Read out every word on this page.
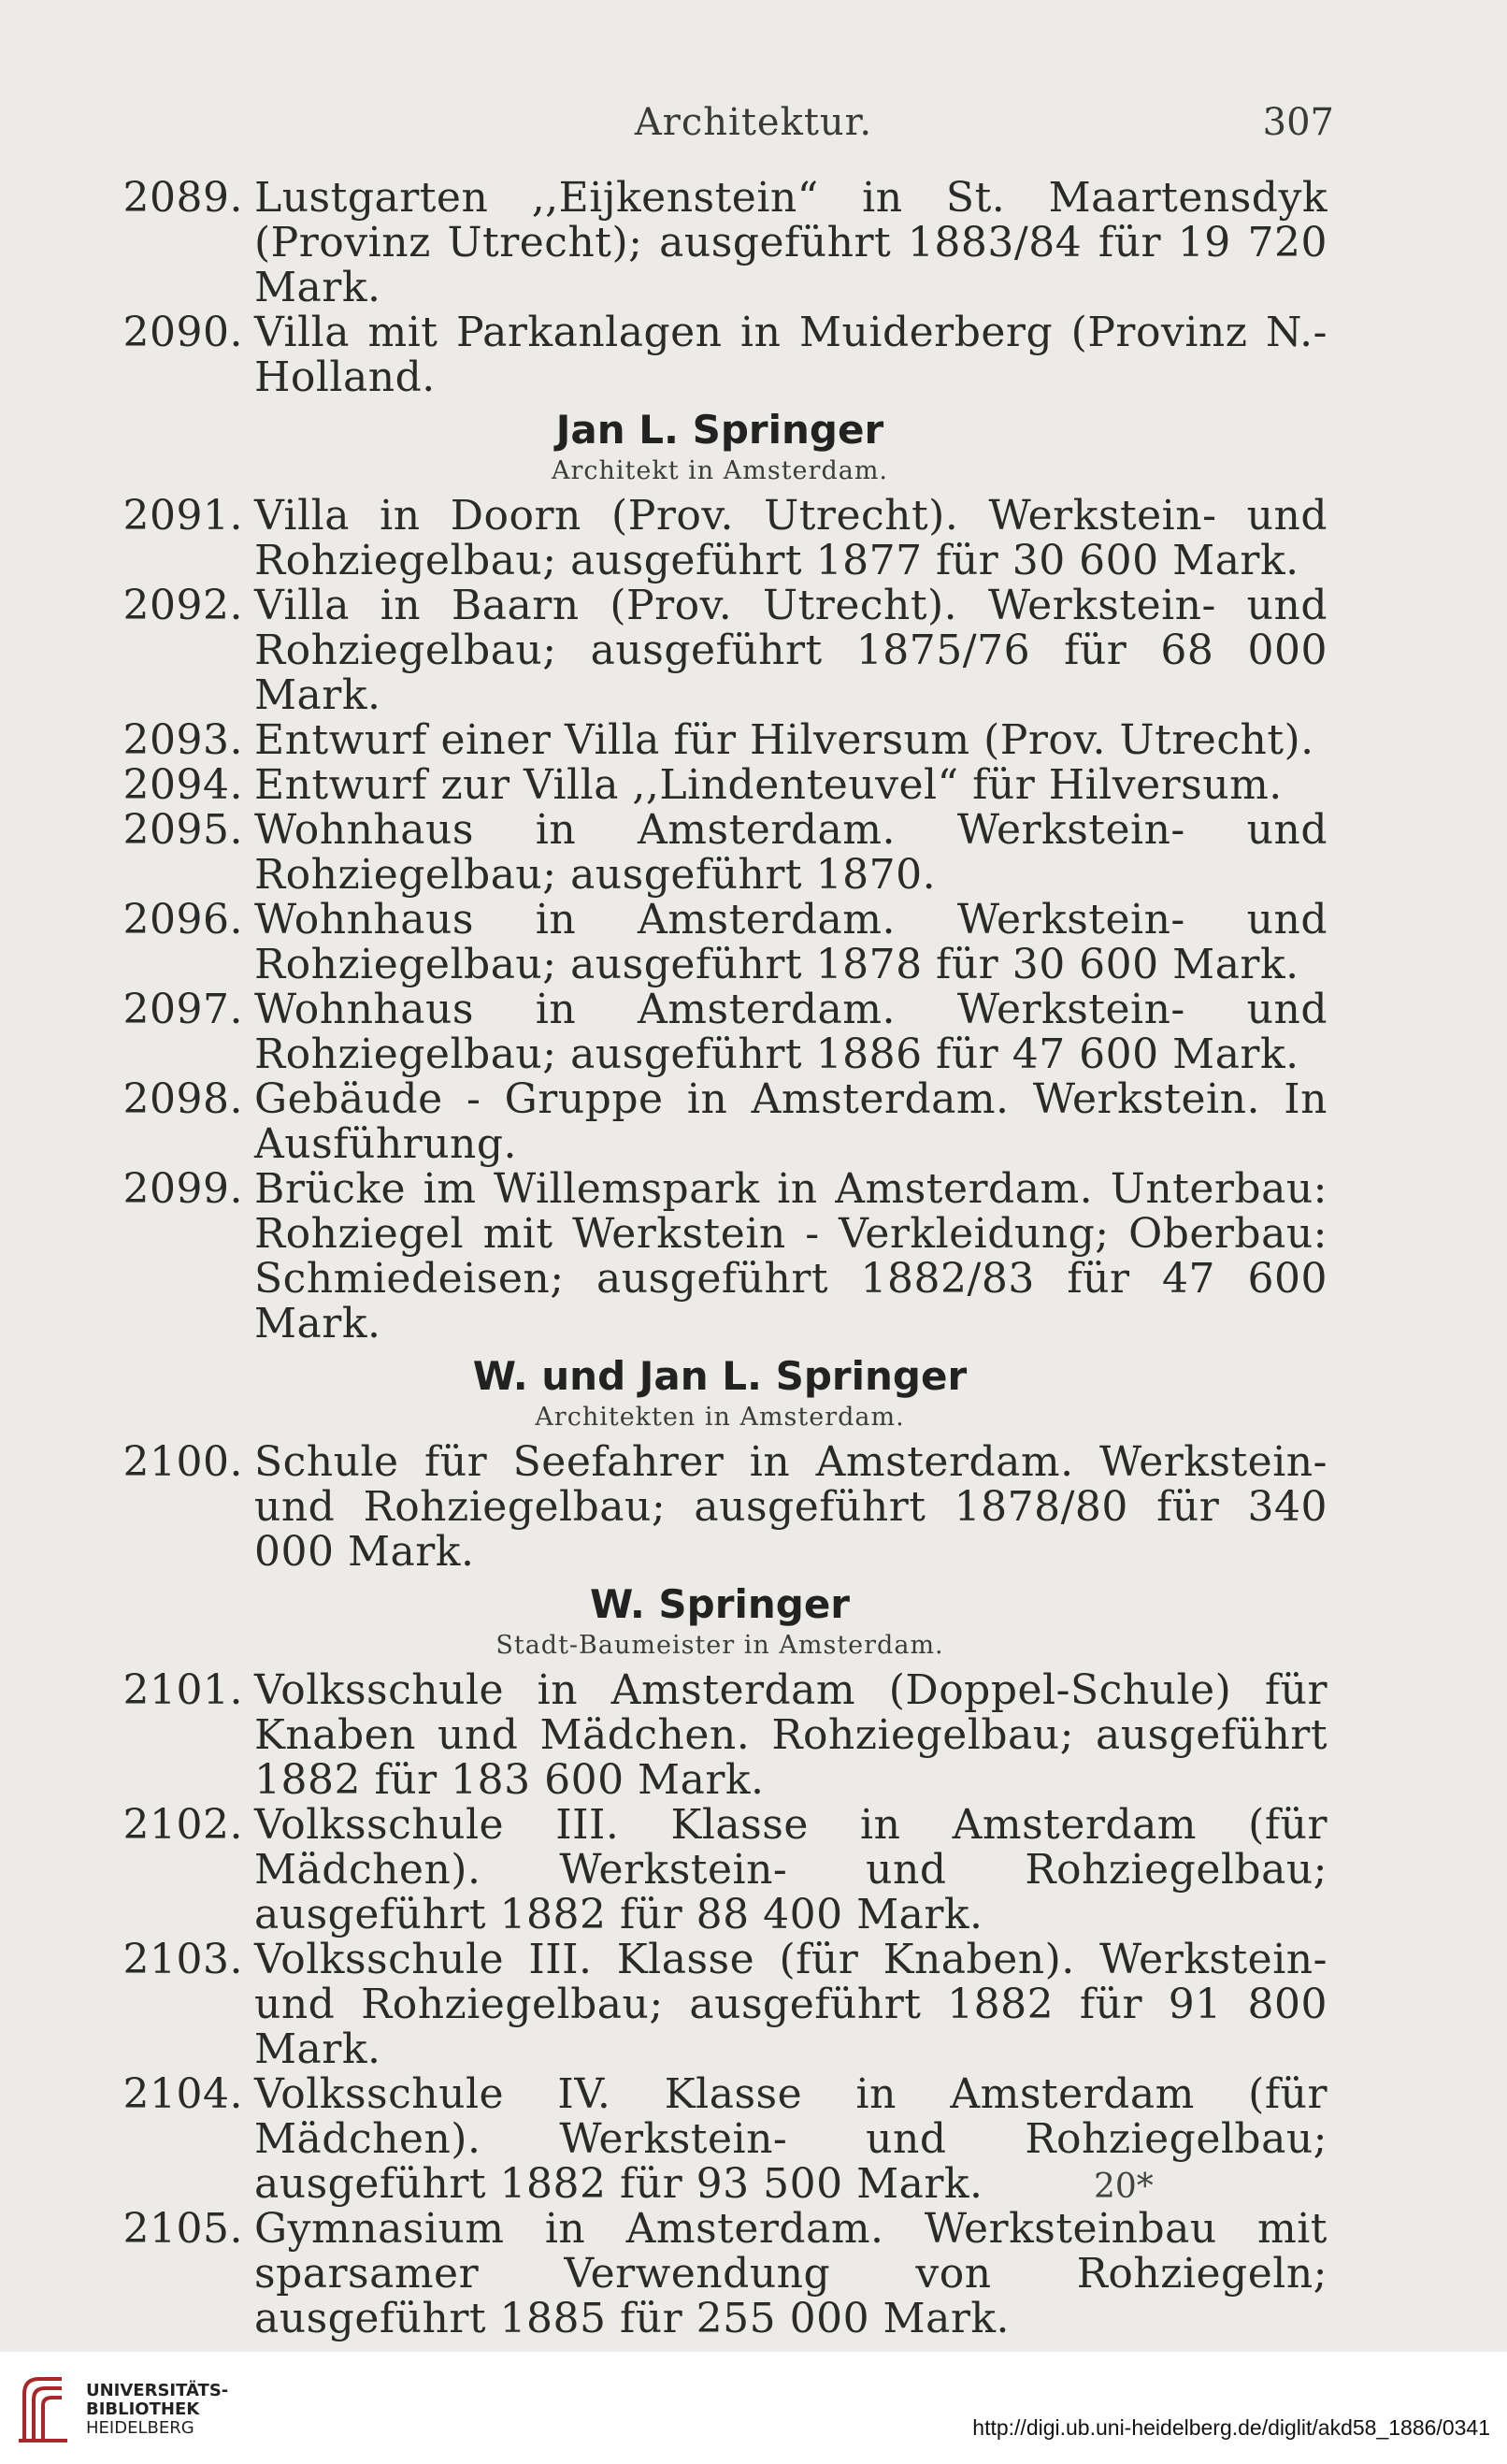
Architektur.	307
2089. Lustgarten ,,Eijkenstein“ in St. Maartensdyk (Provinz Utrecht); ausgeführt 1883/84 für 19 720 Mark.
2090. Villa mit Parkanlagen in Muiderberg (Provinz N.-Holland.
Jan L. Springer
Architekt in Amsterdam.
2091. Villa in Doorn (Prov. Utrecht). Werkstein- und Rohziegelbau; ausgeführt 1877 für 30 600 Mark.
2092. Villa in Baarn (Prov. Utrecht). Werkstein- und Rohziegelbau; ausgeführt 1875/76 für 68 000 Mark.
2093. Entwurf einer Villa für Hilversum (Prov. Utrecht).
2094. Entwurf zur Villa ,,Lindenteuvel“ für Hilversum.
2095. Wohnhaus in Amsterdam. Werkstein- und Rohziegelbau; ausgeführt 1870.
2096. Wohnhaus in Amsterdam. Werkstein- und Rohziegelbau; ausgeführt 1878 für 30 600 Mark.
2097. Wohnhaus in Amsterdam. Werkstein- und Rohziegelbau; ausgeführt 1886 für 47 600 Mark.
2098. Gebäude - Gruppe in Amsterdam. Werkstein. In Ausführung.
2099. Brücke im Willemspark in Amsterdam. Unterbau: Rohziegel mit Werkstein - Verkleidung; Oberbau: Schmiedeisen; ausgeführt 1882/83 für 47 600 Mark.
W. und Jan L. Springer
Architekten in Amsterdam.
2100. Schule für Seefahrer in Amsterdam. Werkstein- und Rohziegelbau; ausgeführt 1878/80 für 340 000 Mark.
W. Springer
Stadt-Baumeister in Amsterdam.
2101. Volksschule in Amsterdam (Doppel-Schule) für Knaben und Mädchen. Rohziegelbau; ausgeführt 1882 für 183 600 Mark.
2102. Volksschule III. Klasse in Amsterdam (für Mädchen). Werkstein- und Rohziegelbau; ausgeführt 1882 für 88 400 Mark.
2103. Volksschule III. Klasse (für Knaben). Werkstein- und Rohziegelbau; ausgeführt 1882 für 91 800 Mark.
2104. Volksschule IV. Klasse in Amsterdam (für Mädchen). Werkstein- und Rohziegelbau; ausgeführt 1882 für 93 500 Mark.
2105. Gymnasium in Amsterdam. Werksteinbau mit sparsamer Verwendung von Rohziegeln; ausgeführt 1885 für 255 000 Mark.
20*
UNIVERSITÄTS-
BIBLIOTHEK
HEIDELBERG	http://digi.ub.uni-heidelberg.de/diglit/akd58_1886/0341
